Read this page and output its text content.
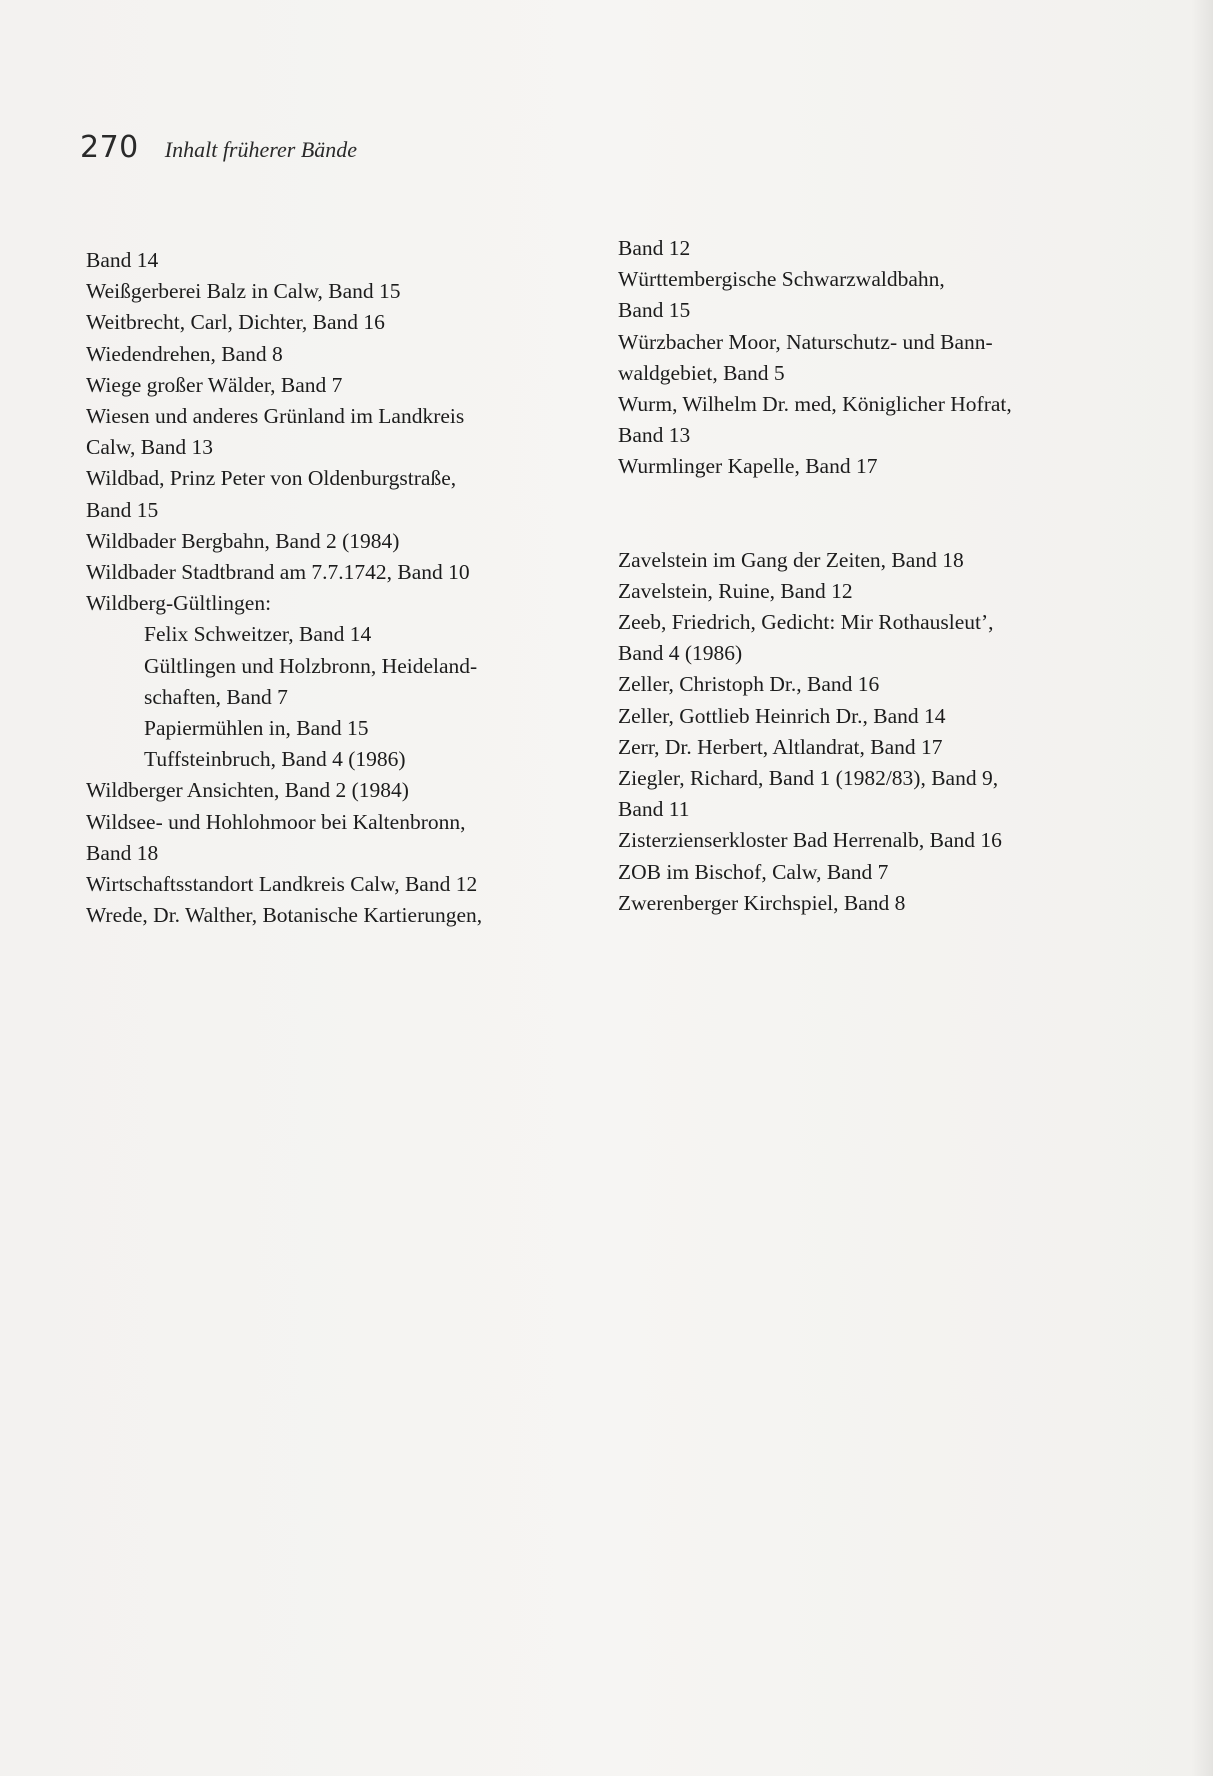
270 Inhalt früherer Bände
Band 14
Weißgerberei Balz in Calw, Band 15
Weitbrecht, Carl, Dichter, Band 16
Wiedendrehen, Band 8
Wiege großer Wälder, Band 7
Wiesen und anderes Grünland im Landkreis
Calw, Band 13
Wildbad, Prinz Peter von Oldenburgstraße,
Band 15
Wildbader Bergbahn, Band 2 (1984)
Wildbader Stadtbrand am 7.7.1742, Band 10
Wildberg-Gültlingen:
Felix Schweitzer, Band 14
Gültlingen und Holzbronn, Heideland-
schaften, Band 7
Papiermühlen in, Band 15
Tuffsteinbruch, Band 4 (1986)
Wildberger Ansichten, Band 2 (1984)
Wildsee- und Hohlohmoor bei Kaltenbronn,
Band 18
Wirtschaftsstandort Landkreis Calw, Band 12
Wrede, Dr. Walther, Botanische Kartierungen,
Band 12
Württembergische Schwarzwaldbahn,
Band 15
Würzbacher Moor, Naturschutz- und Bann-
waldgebiet, Band 5
Wurm, Wilhelm Dr. med, Königlicher Hofrat,
Band 13
Wurmlinger Kapelle, Band 17
Zavelstein im Gang der Zeiten, Band 18
Zavelstein, Ruine, Band 12
Zeeb, Friedrich, Gedicht: Mir Rothausleut’,
Band 4 (1986)
Zeller, Christoph Dr., Band 16
Zeller, Gottlieb Heinrich Dr., Band 14
Zerr, Dr. Herbert, Altlandrat, Band 17
Ziegler, Richard, Band 1 (1982/83), Band 9,
Band 11
Zisterzienserkloster Bad Herrenalb, Band 16
ZOB im Bischof, Calw, Band 7
Zwerenberger Kirchspiel, Band 8
